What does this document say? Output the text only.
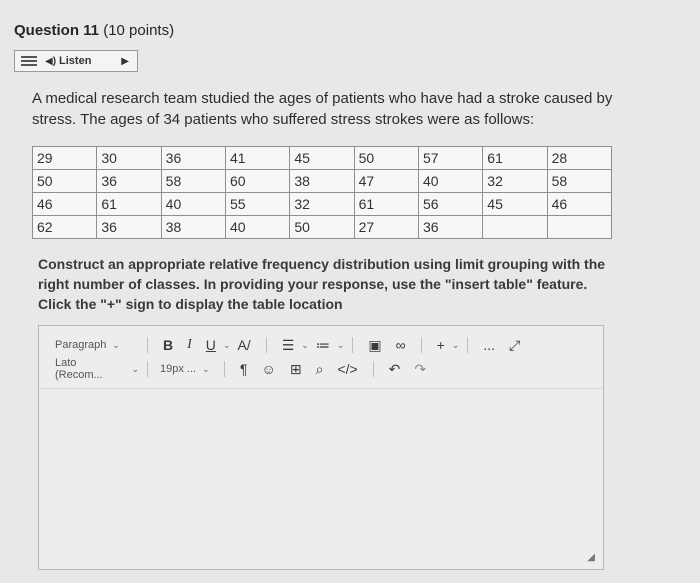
Question 11 (10 points)
◀) Listen	▶
A medical research team studied the ages of patients who have had a stroke caused by stress. The ages of 34 patients who suffered stress strokes were as follows:
29	30	36	41	45	50	57	61	28
50	36	58	60	38	47	40	32	58
46	61	40	55	32	61	56	45	46
62	36	38	40	50	27	36		
Construct an appropriate relative frequency distribution using limit grouping with the right number of classes. In providing your response, use the "insert table" feature. Click the "+" sign to display the table location
Paragraph ⌄	B I U ⌄ A/ ☰ ⌄ ≔ ⌄ ▣ ∞ + ⌄ ... ⤢
Lato (Recom...
⌄ 19px ... ⌄ ¶ ☺ ⊞ ⌕ </> ↶ ↷
◢
